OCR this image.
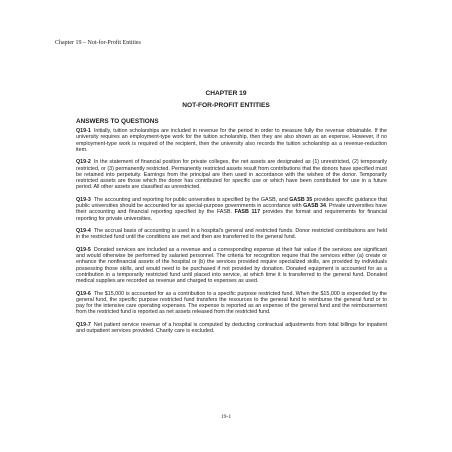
Chapter 19 – Not-for-Profit Entities
CHAPTER 19
NOT-FOR-PROFIT ENTITIES
ANSWERS TO QUESTIONS

Q19-1 Initially, tuition scholarships are included in revenue for the period in order to measure fully the revenue obtainable. If the university requires an employment-type work for the tuition scholarship, then they are also shown as an expense. However, if no employment-type work is required of the recipient, then the university also records the tuition scholarship as a revenue-reduction item.

Q19-2 In the statement of financial position for private colleges, the net assets are designated as (1) unrestricted, (2) temporarily restricted, or (3) permanently restricted. Permanently restricted assets result from contributions that the donors have specified must be retained into perpetuity. Earnings from the principal are then used in accordance with the wishes of the donor. Temporarily restricted assets are those which the donor has contributed for specific use or which have been contributed for use in a future period. All other assets are classified as unrestricted.

Q19-3 The accounting and reporting for public universities is specified by the GASB, and GASB 35 provides specific guidance that public universities should be accounted for as special-purpose governments in accordance with GASB 34. Private universities have their accounting and financial reporting specified by the FASB. FASB 117 provides the format and requirements for financial reporting for private universities.

Q19-4 The accrual basis of accounting is used in a hospital's general and restricted funds. Donor restricted contributions are held in the restricted fund until the conditions are met and then are transferred to the general fund.

Q19-5 Donated services are included as a revenue and a corresponding expense at their fair value if the services are significant and would otherwise be performed by salaried personnel. The criteria for recognition require that the services either (a) create or enhance the nonfinancial assets of the hospital or (b) the services provided require specialized skills, are provided by individuals possessing those skills, and would need to be purchased if not provided by donation. Donated equipment is accounted for as a contribution in a temporarily restricted fund until placed into service, at which time it is transferred to the general fund. Donated medical supplies are recorded as revenue and charged to expenses as used.

Q19-6 The $15,000 is accounted for as a contribution to a specific purpose restricted fund. When the $15,000 is expended by the general fund, the specific purpose restricted fund transfers the resources to the general fund to reimburse the general fund or to pay for the intensive care operating expenses. The expense is reported as an expense of the general fund and the reimbursement from the restricted fund is reported as net assets released from the restricted fund.

Q19-7 Net patient service revenue of a hospital is computed by deducting contractual adjustments from total billings for inpatient and outpatient services provided. Charity care is excluded.

19-1
